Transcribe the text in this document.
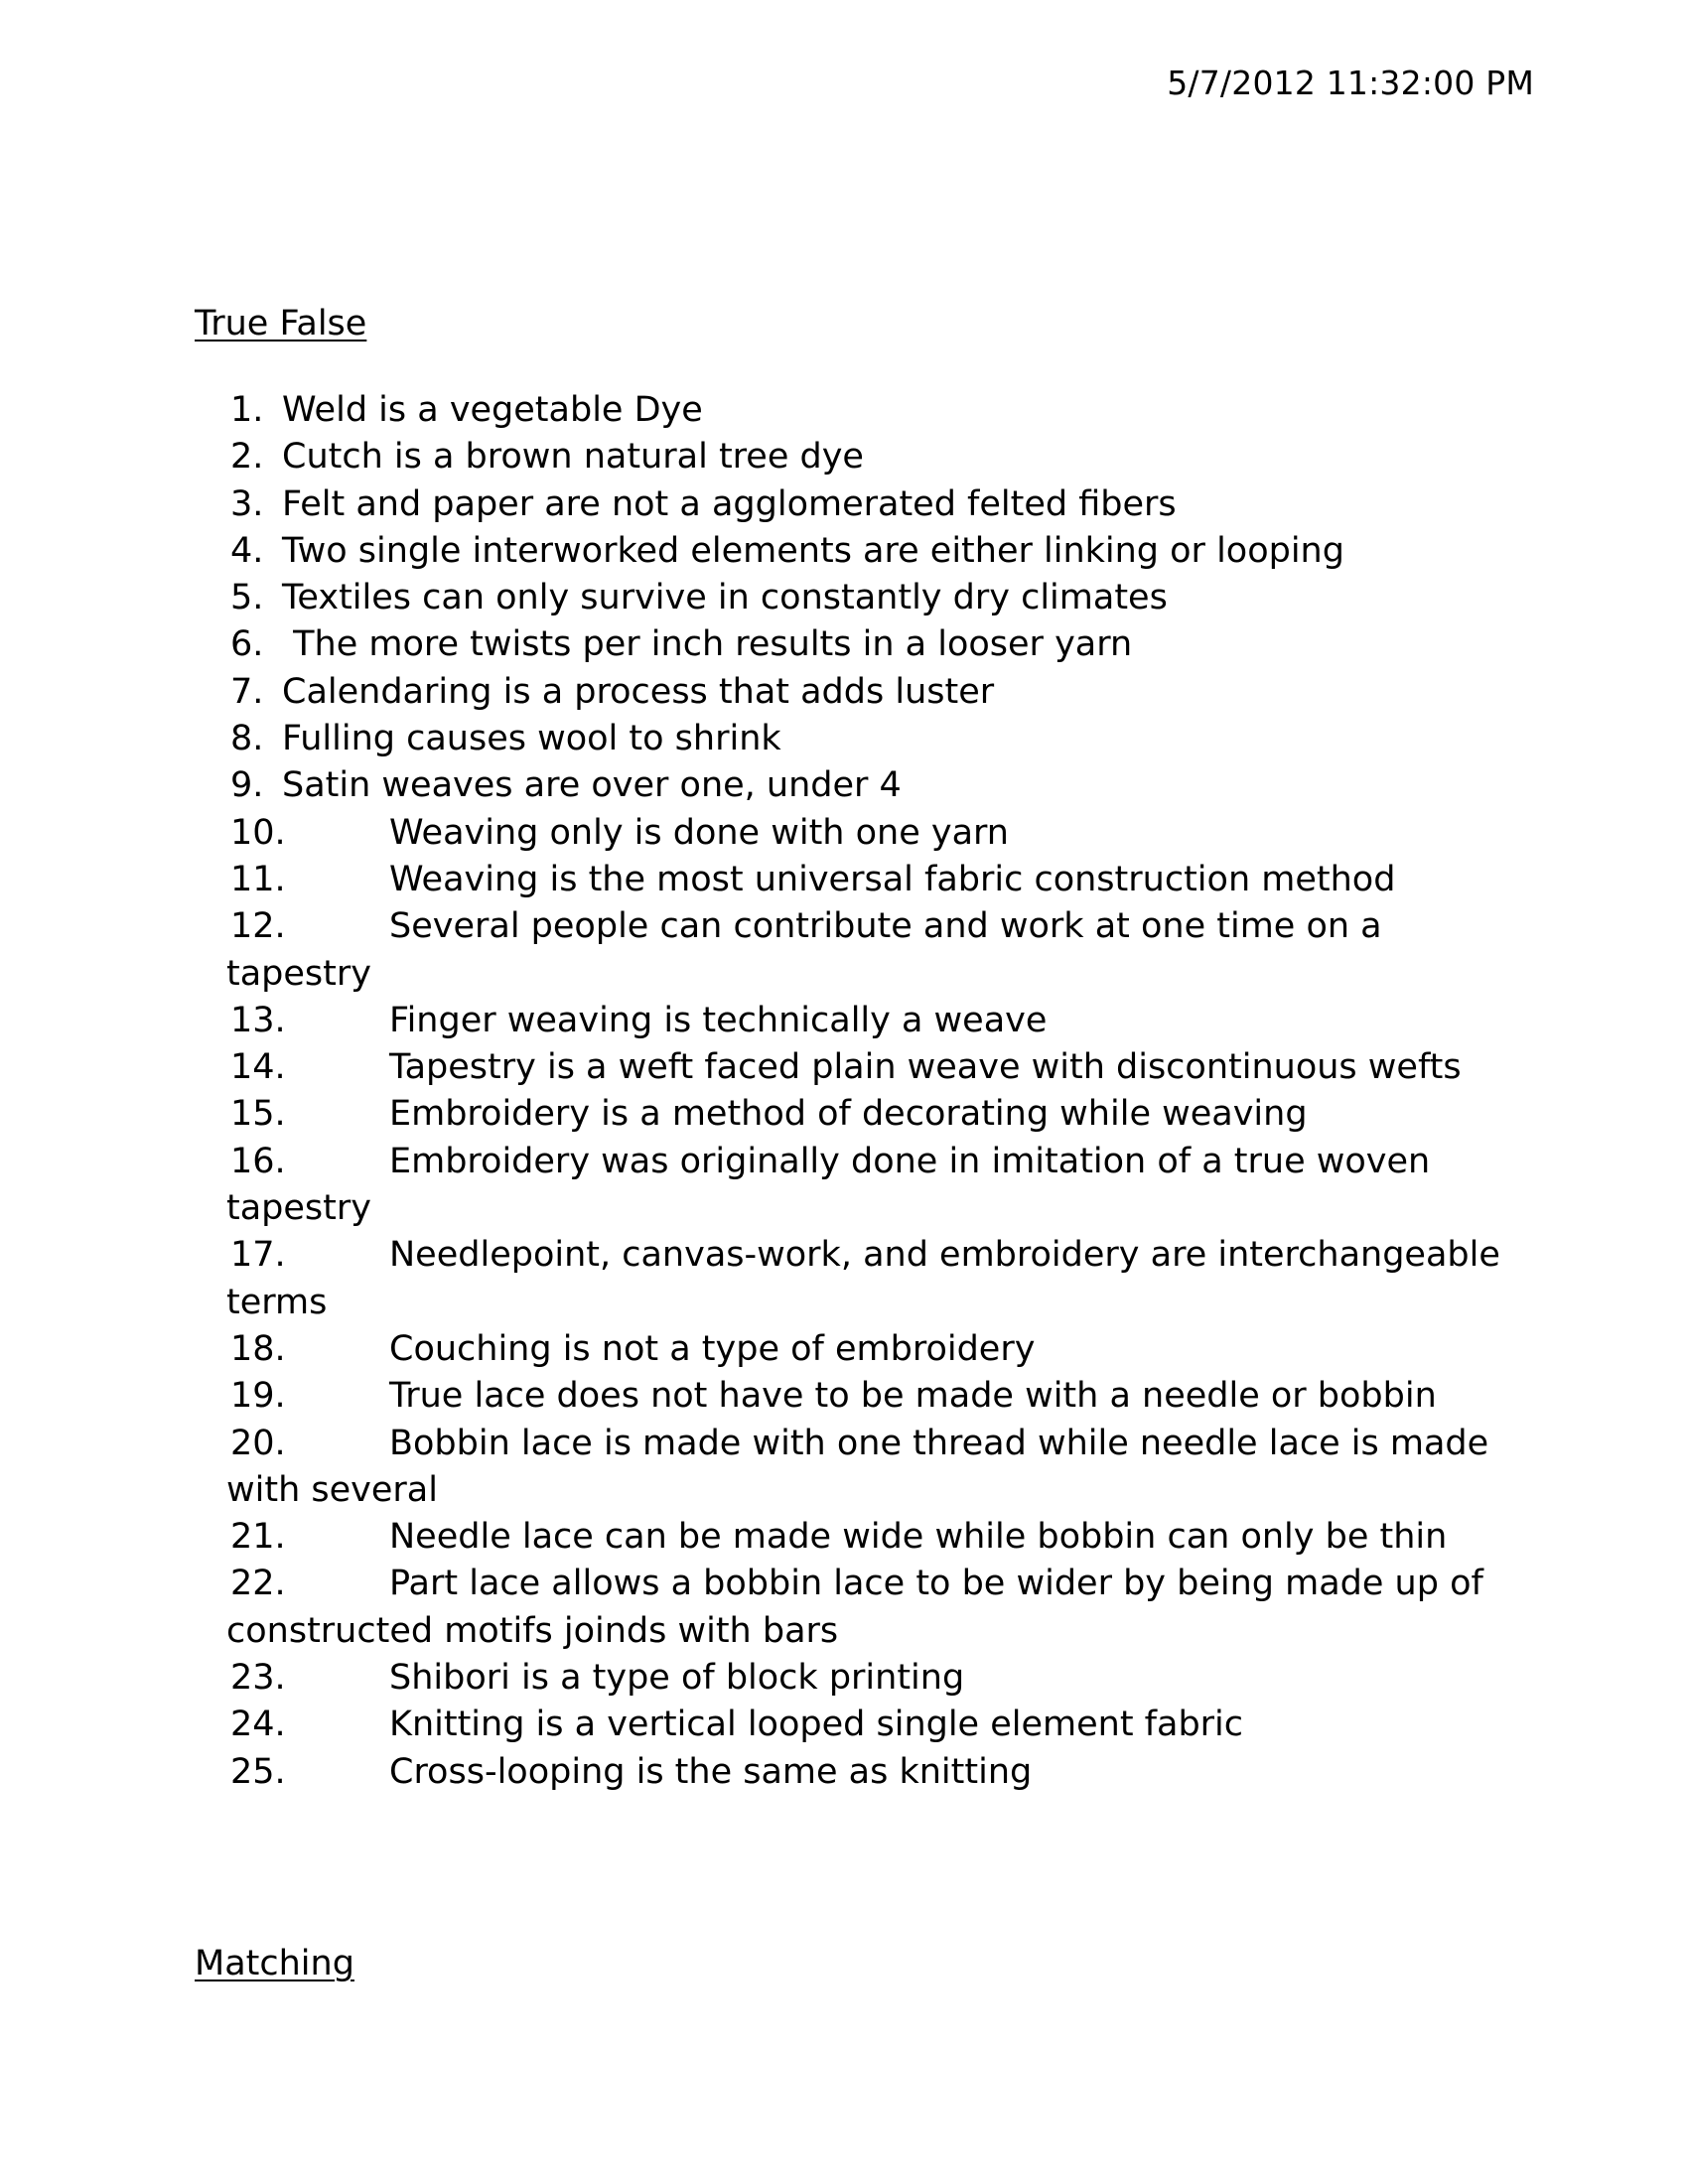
5/7/2012 11:32:00 PM
True False
1. Weld is a vegetable Dye
2. Cutch is a brown natural tree dye
3. Felt and paper are not a agglomerated felted fibers
4. Two single interworked elements are either linking or looping
5. Textiles can only survive in constantly dry climates
6. The more twists per inch results in a looser yarn
7. Calendaring is a process that adds luster
8. Fulling causes wool to shrink
9. Satin weaves are over one, under 4
10.	Weaving only is done with one yarn
11.	Weaving is the most universal fabric construction method
12.	Several people can contribute and work at one time on a
tapestry
13.	Finger weaving is technically a weave
14.	Tapestry is a weft faced plain weave with discontinuous wefts
15.	Embroidery is a method of decorating while weaving
16.	Embroidery was originally done in imitation of a true woven
tapestry
17.	Needlepoint, canvas-work, and embroidery are interchangeable
terms
18.	Couching is not a type of embroidery
19.	True lace does not have to be made with a needle or bobbin
20.	Bobbin lace is made with one thread while needle lace is made
with several
21.	Needle lace can be made wide while bobbin can only be thin
22.	Part lace allows a bobbin lace to be wider by being made up of
constructed motifs joinds with bars
23.	Shibori is a type of block printing
24.	Knitting is a vertical looped single element fabric
25.	Cross-looping is the same as knitting
Matching
